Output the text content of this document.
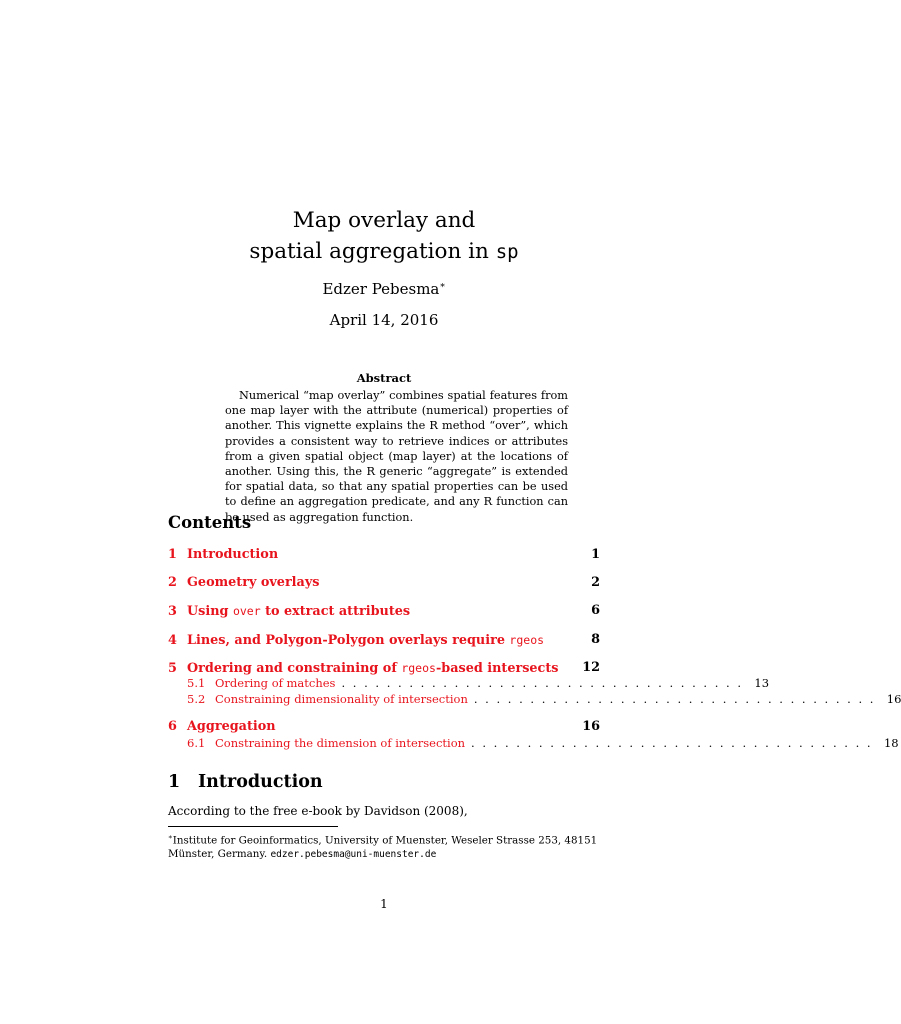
Map overlay and
spatial aggregation in sp
Edzer Pebesma∗
April 14, 2016
Abstract
Numerical “map overlay” combines spatial features from one map layer with the attribute (numerical) properties of another. This vignette explains the R method “over”, which provides a consistent way to retrieve indices or attributes from a given spatial object (map layer) at the locations of another. Using this, the R generic “aggregate” is extended for spatial data, so that any spatial properties can be used to define an aggregation predicate, and any R function can be used as aggregation function.
Contents
1 Introduction	1
2 Geometry overlays	2
3 Using over to extract attributes	6
4 Lines, and Polygon-Polygon overlays require rgeos	8
5 Ordering and constraining of rgeos-based intersects 12
5.1 Ordering of matches . . . . . . . . . . . . . . . . . . . . . . . . . . . . . . . . . . . . 13
5.2 Constraining dimensionality of intersection . . . . . . . . . . . . . . . . . . . . . . . . . . . . . . . . . . . . 16
6 Aggregation	16
6.1 Constraining the dimension of intersection . . . . . . . . . . . . . . . . . . . . . . . . . . . . . . . . . . . . 18
1 Introduction
According to the free e-book by Davidson (2008),
∗Institute for Geoinformatics, University of Muenster, Weseler Strasse 253, 48151 Münster, Germany. edzer.pebesma@uni-muenster.de
1
